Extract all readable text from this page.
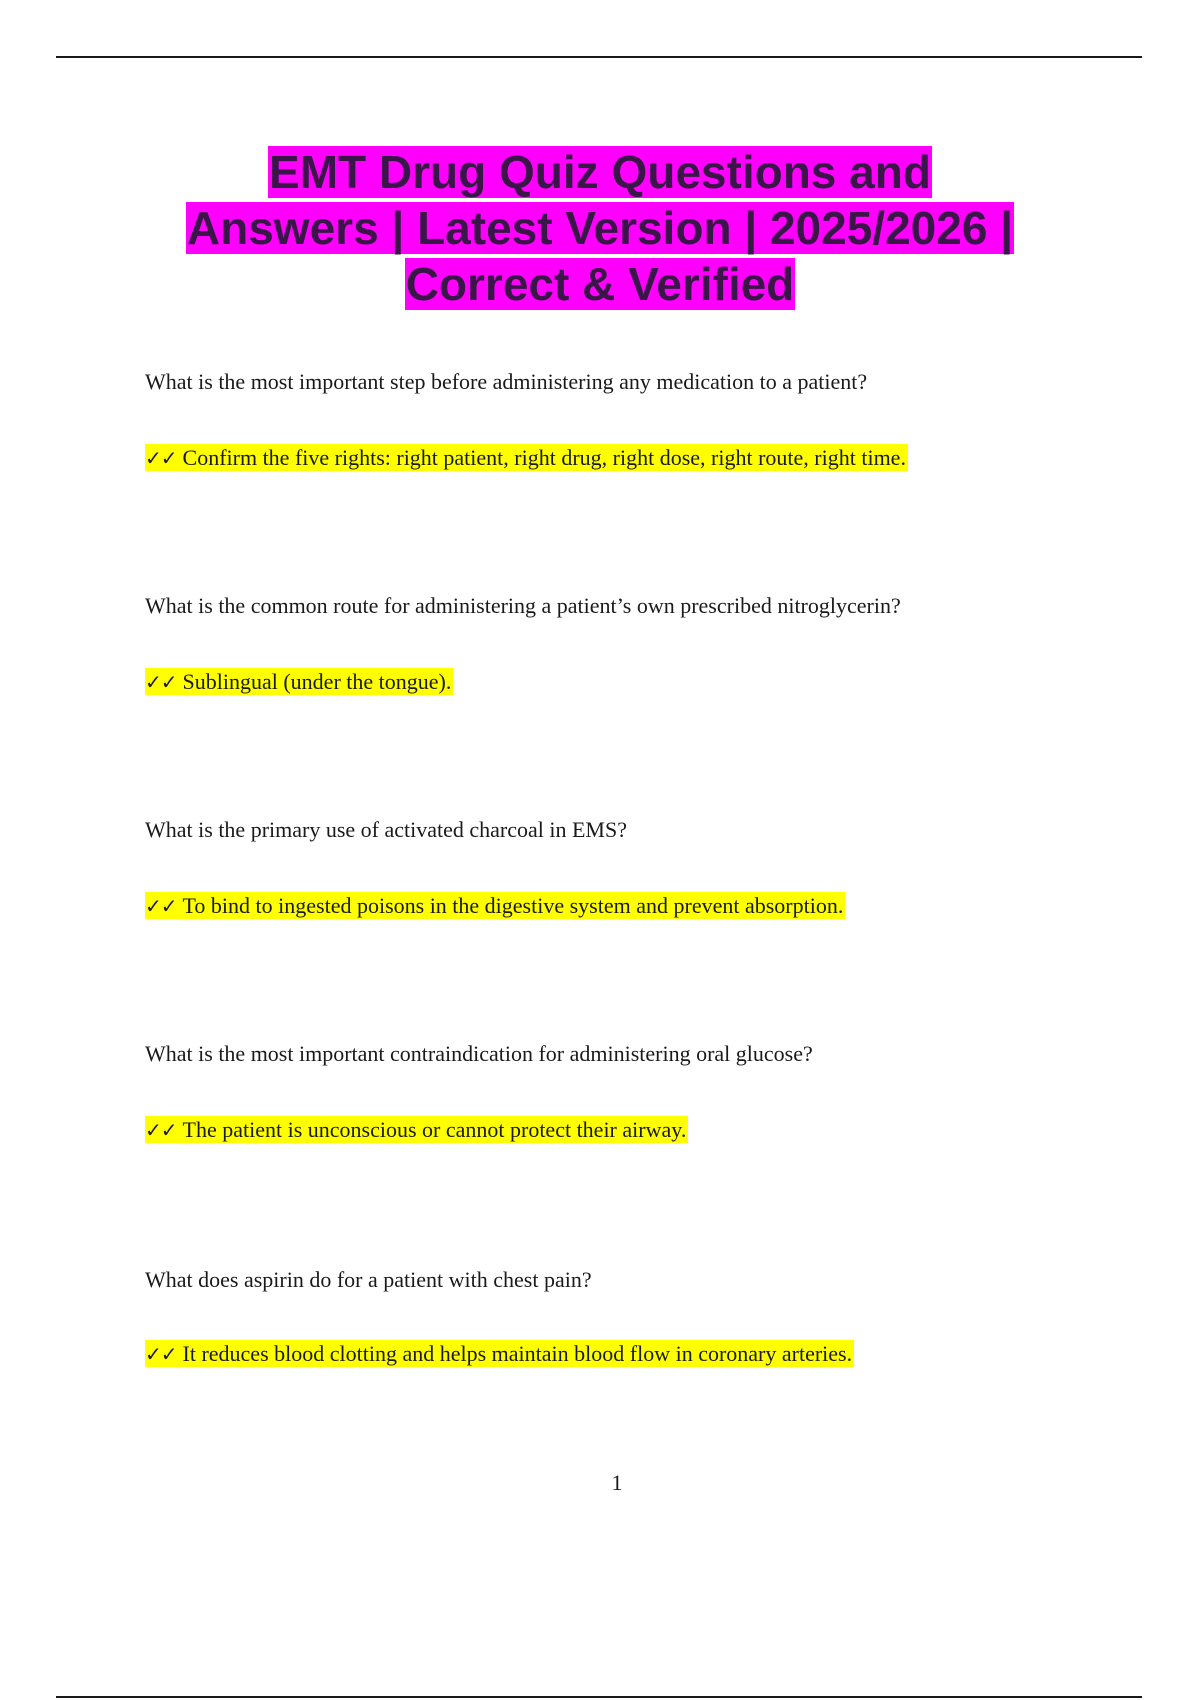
EMT Drug Quiz Questions and
Answers | Latest Version | 2025/2026 |
Correct & Verified
What is the most important step before administering any medication to a patient?
✓✓ Confirm the five rights: right patient, right drug, right dose, right route, right time.
What is the common route for administering a patient’s own prescribed nitroglycerin?
✓✓ Sublingual (under the tongue).
What is the primary use of activated charcoal in EMS?
✓✓ To bind to ingested poisons in the digestive system and prevent absorption.
What is the most important contraindication for administering oral glucose?
✓✓ The patient is unconscious or cannot protect their airway.
What does aspirin do for a patient with chest pain?
✓✓ It reduces blood clotting and helps maintain blood flow in coronary arteries.
1
